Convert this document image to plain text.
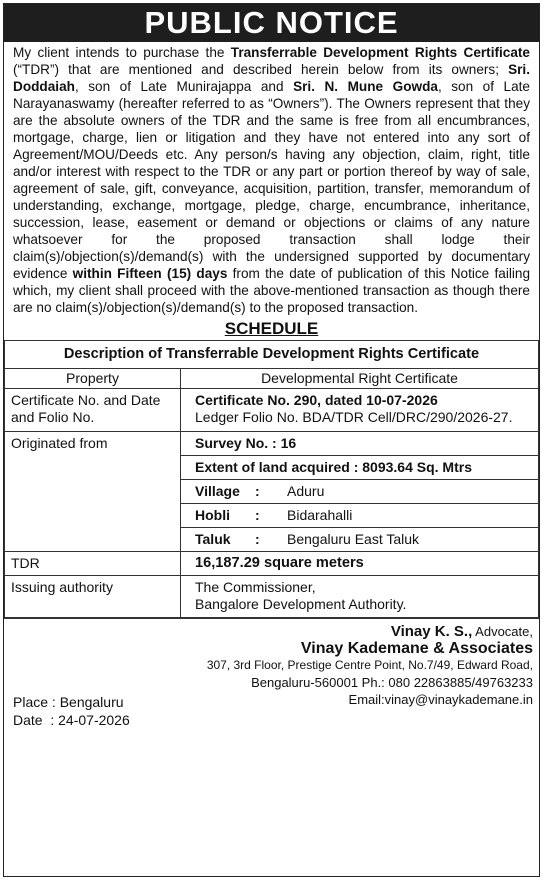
PUBLIC NOTICE
My client intends to purchase the Transferrable Development Rights Certificate (“TDR”) that are mentioned and described herein below from its owners; Sri. Doddaiah, son of Late Munirajappa and Sri. N. Mune Gowda, son of Late Narayanaswamy (hereafter referred to as “Owners”). The Owners represent that they are the absolute owners of the TDR and the same is free from all encumbrances, mortgage, charge, lien or litigation and they have not entered into any sort of Agreement/MOU/Deeds etc. Any person/s having any objection, claim, right, title and/or interest with respect to the TDR or any part or portion thereof by way of sale, agreement of sale, gift, conveyance, acquisition, partition, transfer, memorandum of understanding, exchange, mortgage, pledge, charge, encumbrance, inheritance, succession, lease, easement or demand or objections or claims of any nature whatsoever for the proposed transaction shall lodge their claim(s)/objection(s)/demand(s) with the undersigned supported by documentary evidence within Fifteen (15) days from the date of publication of this Notice failing which, my client shall proceed with the above-mentioned transaction as though there are no claim(s)/objection(s)/demand(s) to the proposed transaction.
SCHEDULE
Description of Transferrable Development Rights Certificate	
Property	Developmental Right Certificate
Certificate No. and Date and Folio No.	Certificate No. 290, dated 10-07-2026
Ledger Folio No. BDA/TDR Cell/DRC/290/2026-27.

Originated from	Survey No. : 16
	Extent of land acquired : 8093.64 Sq. Mtrs

	Village : Aduru

	Hobli : Bidarahalli

	Taluk : Bengaluru East Taluk

TDR	16,187.29 square meters
Issuing authority	The Commissioner,
Bangalore Development Authority.
Place : Bengaluru
Date  : 24-07-2026
Vinay K. S., Advocate,
Vinay Kademane & Associates
307, 3rd Floor, Prestige Centre Point, No.7/49, Edward Road,
Bengaluru-560001 Ph.: 080 22863885/49763233
Email:vinay@vinaykademane.in
